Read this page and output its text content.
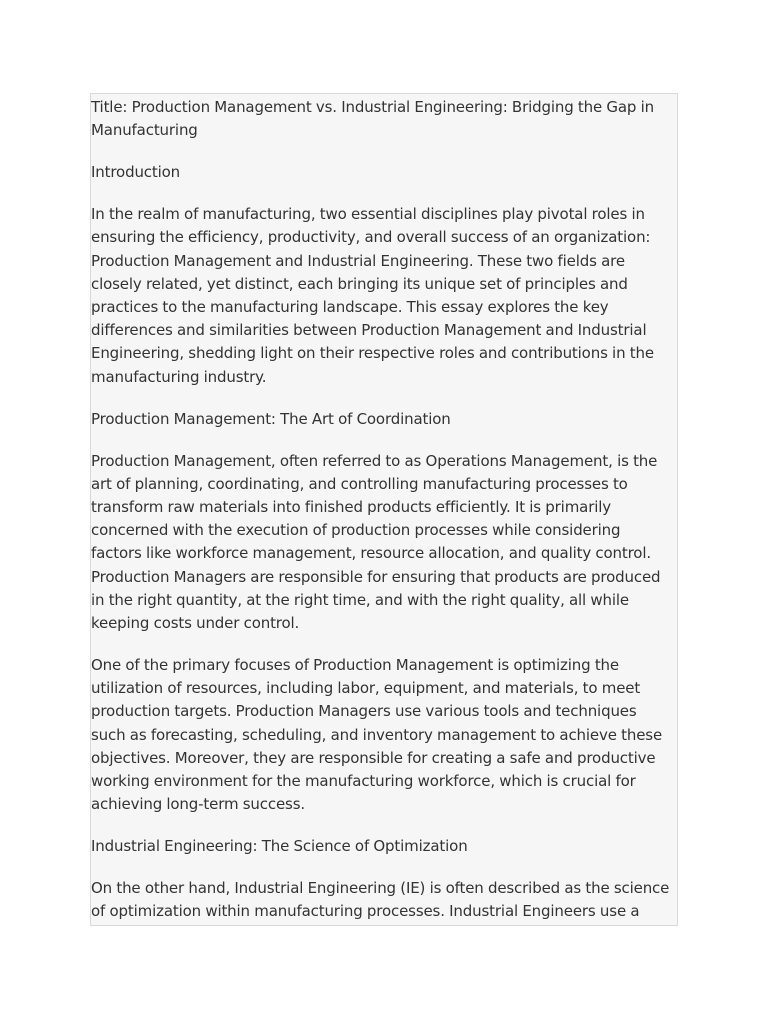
Title: Production Management vs. Industrial Engineering: Bridging the Gap in Manufacturing

Introduction

In the realm of manufacturing, two essential disciplines play pivotal roles in ensuring the efficiency, productivity, and overall success of an organization: Production Management and Industrial Engineering. These two fields are closely related, yet distinct, each bringing its unique set of principles and practices to the manufacturing landscape. This essay explores the key differences and similarities between Production Management and Industrial Engineering, shedding light on their respective roles and contributions in the manufacturing industry.

Production Management: The Art of Coordination

Production Management, often referred to as Operations Management, is the art of planning, coordinating, and controlling manufacturing processes to transform raw materials into finished products efficiently. It is primarily concerned with the execution of production processes while considering factors like workforce management, resource allocation, and quality control. Production Managers are responsible for ensuring that products are produced in the right quantity, at the right time, and with the right quality, all while keeping costs under control.

One of the primary focuses of Production Management is optimizing the utilization of resources, including labor, equipment, and materials, to meet production targets. Production Managers use various tools and techniques such as forecasting, scheduling, and inventory management to achieve these objectives. Moreover, they are responsible for creating a safe and productive working environment for the manufacturing workforce, which is crucial for achieving long-term success.

Industrial Engineering: The Science of Optimization

On the other hand, Industrial Engineering (IE) is often described as the science of optimization within manufacturing processes. Industrial Engineers use a
